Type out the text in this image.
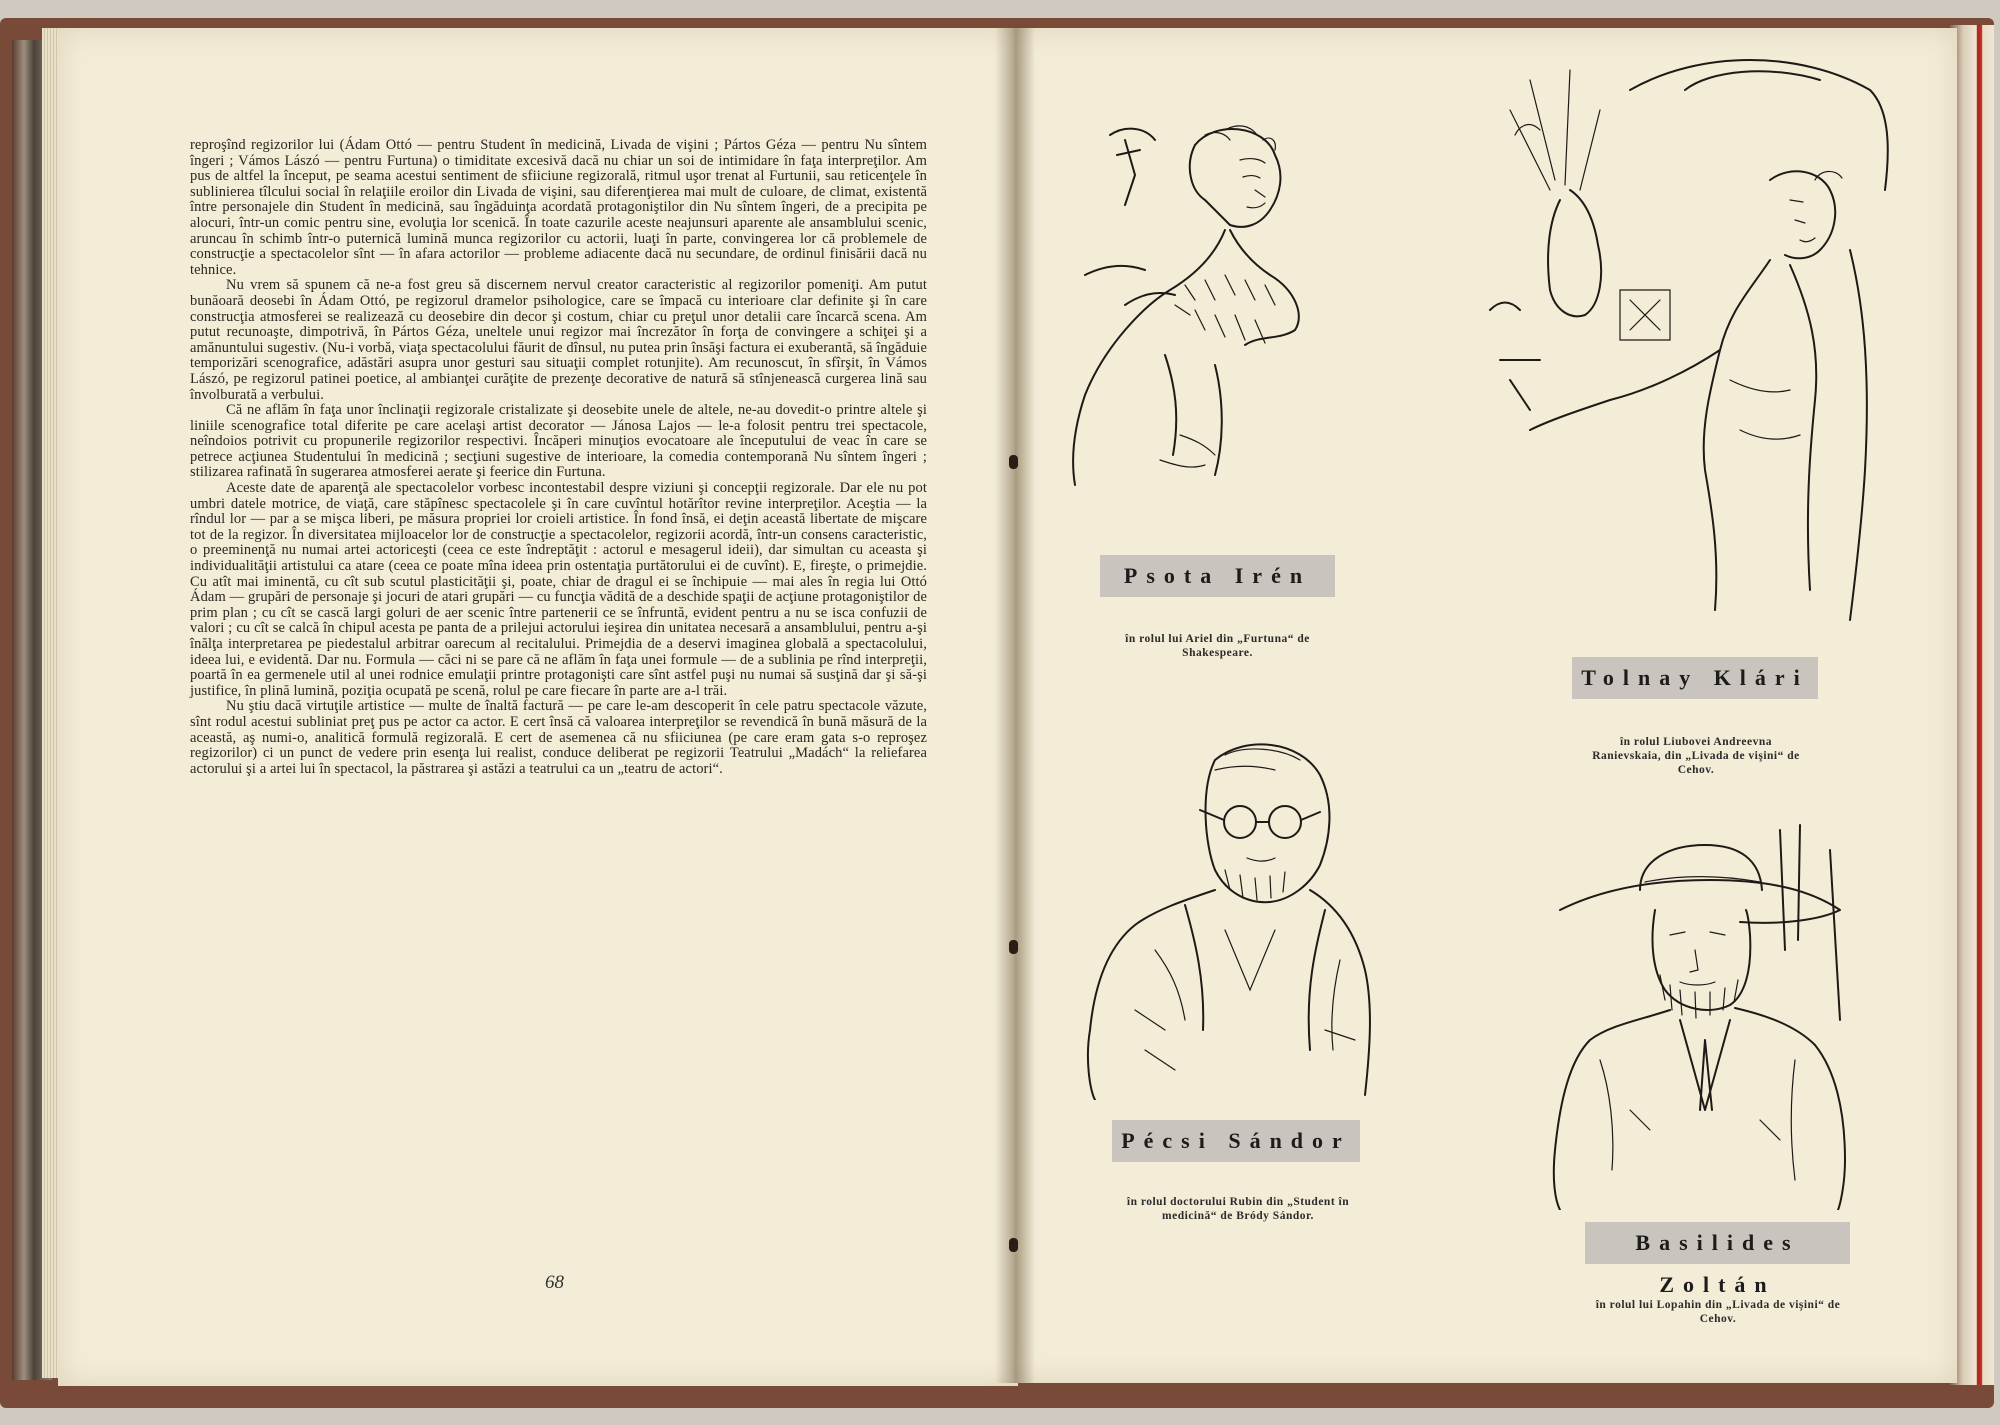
reproşînd regizorilor lui (Ádam Ottó — pentru Student în medicină, Livada de vişini ; Pártos Géza — pentru Nu sîntem îngeri ; Vámos Lászó — pentru Furtuna) o timiditate excesivă dacă nu chiar un soi de intimidare în faţa interpreţilor. Am pus de altfel la început, pe seama acestui sentiment de sfiiciune regizorală, ritmul uşor trenat al Furtunii, sau reticenţele în sublinierea tîlcului social în relaţiile eroilor din Livada de vişini, sau diferenţierea mai mult de culoare, de climat, existentă între personajele din Student în medicină, sau îngăduinţa acordată protagoniştilor din Nu sîntem îngeri, de a precipita pe alocuri, într-un comic pentru sine, evoluţia lor scenică. În toate cazurile aceste neajunsuri aparente ale ansamblului scenic, aruncau în schimb într-o puternică lumină munca regizorilor cu actorii, luaţi în parte, convingerea lor că problemele de construcţie a spectacolelor sînt — în afara actorilor — probleme adiacente dacă nu secundare, de ordinul finisării dacă nu tehnice.

Nu vrem să spunem că ne-a fost greu să discernem nervul creator caracteristic al regizorilor pomeniţi. Am putut bunăoară deosebi în Ádam Ottó, pe regizorul dramelor psihologice, care se împacă cu interioare clar definite şi în care construcţia atmosferei se realizează cu deosebire din decor şi costum, chiar cu preţul unor detalii care încarcă scena. Am putut recunoaşte, dimpotrivă, în Pártos Géza, uneltele unui regizor mai încrezător în forţa de convingere a schiţei şi a amănuntului sugestiv. (Nu-i vorbă, viaţa spectacolului făurit de dînsul, nu putea prin însăşi factura ei exuberantă, să îngăduie temporizări scenografice, adăstări asupra unor gesturi sau situaţii complet rotunjite). Am recunoscut, în sfîrşit, în Vámos Lászó, pe regizorul patinei poetice, al ambianţei curăţite de prezenţe decorative de natură să stînjenească curgerea lină sau învolburată a verbului.

Că ne aflăm în faţa unor înclinaţii regizorale cristalizate şi deosebite unele de altele, ne-au dovedit-o printre altele şi liniile scenografice total diferite pe care acelaşi artist decorator — Jánosa Lajos — le-a folosit pentru trei spectacole, neîndoios potrivit cu propunerile regizorilor respectivi. Încăperi minuţios evocatoare ale începutului de veac în care se petrece acţiunea Studentului în medicină ; secţiuni sugestive de interioare, la comedia contemporană Nu sîntem îngeri ; stilizarea rafinată în sugerarea atmosferei aerate şi feerice din Furtuna.

Aceste date de aparenţă ale spectacolelor vorbesc incontestabil despre viziuni şi concepţii regizorale. Dar ele nu pot umbri datele motrice, de viaţă, care stăpînesc spectacolele şi în care cuvîntul hotărîtor revine interpreţilor. Aceştia — la rîndul lor — par a se mişca liberi, pe măsura propriei lor croieli artistice. În fond însă, ei deţin această libertate de mişcare tot de la regizor. În diversitatea mijloacelor lor de construcţie a spectacolelor, regizorii acordă, într-un consens caracteristic, o preeminenţă nu numai artei actoriceşti (ceea ce este îndreptăţit : actorul e mesagerul ideii), dar simultan cu aceasta şi individualităţii artistului ca atare (ceea ce poate mîna ideea prin ostentaţia purtătorului ei de cuvînt). E, fireşte, o primejdie. Cu atît mai iminentă, cu cît sub scutul plasticităţii şi, poate, chiar de dragul ei se închipuie — mai ales în regia lui Ottó Ádam — grupări de personaje şi jocuri de atari grupări — cu funcţia vădită de a deschide spaţii de acţiune protagoniştilor de prim plan ; cu cît se cască largi goluri de aer scenic între partenerii ce se înfruntă, evident pentru a nu se isca confuzii de valori ; cu cît se calcă în chipul acesta pe panta de a prilejui actorului ieşirea din unitatea necesară a ansamblului, pentru a-şi înălţa interpretarea pe piedestalul arbitrar oarecum al recitalului. Primejdia de a deservi imaginea globală a spectacolului, ideea lui, e evidentă. Dar nu. Formula — căci ni se pare că ne aflăm în faţa unei formule — de a sublinia pe rînd interpreţii, poartă în ea germenele util al unei rodnice emulaţii printre protagonişti care sînt astfel puşi nu numai să susţină dar şi să-şi justifice, în plină lumină, poziţia ocupată pe scenă, rolul pe care fiecare în parte are a-l trăi.

Nu ştiu dacă virtuţile artistice — multe de înaltă factură — pe care le-am descoperit în cele patru spectacole văzute, sînt rodul acestui subliniat preţ pus pe actor ca actor. E cert însă că valoarea interpreţilor se revendică în bună măsură de la această, aş numi-o, analitică formulă regizorală. E cert de asemenea că nu sfiiciunea (pe care eram gata s-o reproşez regizorilor) ci un punct de vedere prin esenţa lui realist, conduce deliberat pe regizorii Teatrului „Madách“ la reliefarea actorului şi a artei lui în spectacol, la păstrarea şi astăzi a teatrului ca un „teatru de actori“.

68
Psota Irén
în rolul lui Ariel din „Furtuna“ de Shakespeare.
Tolnay Klári
în rolul Liubovei Andreevna Ranievskaia, din „Livada de vişini“ de Cehov.
Pécsi Sándor
în rolul doctorului Rubin din „Student în medicină“ de Bródy Sándor.
Basilides Zoltán
în rolul lui Lopahin din „Livada de vişini“ de Cehov.
